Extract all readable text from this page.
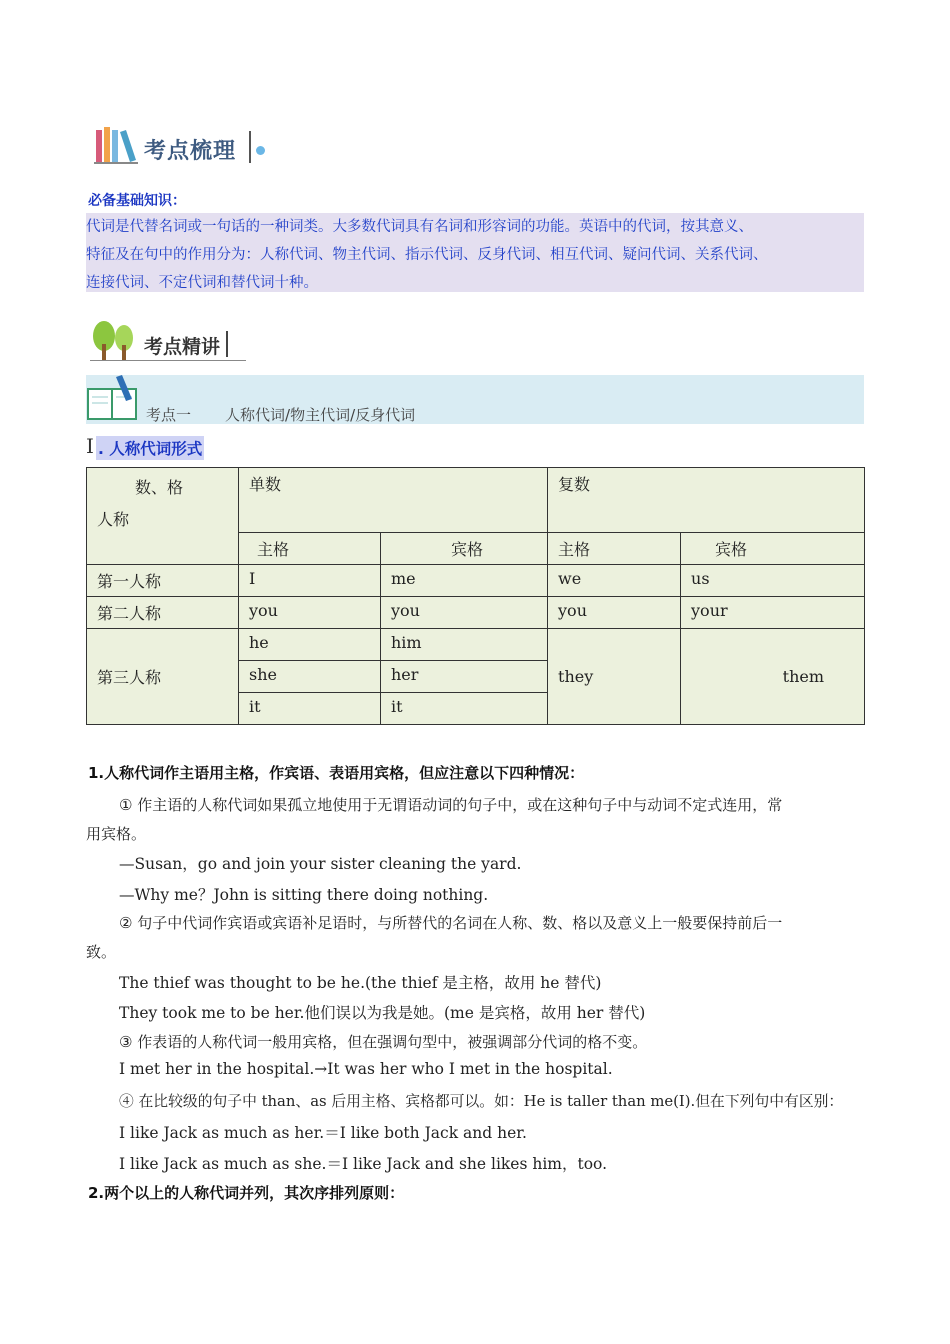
考点梳理
必备基础知识：
代词是代替名词或一句话的一种词类。大多数代词具有名词和形容词的功能。英语中的代词，按其意义、
特征及在句中的作用分为：人称代词、物主代词、指示代词、反身代词、相互代词、疑问代词、关系代词、
连接代词、不定代词和替代词十种。
考点精讲
考点一 人称代词/物主代词/反身代词
I . 人称代词形式
数、格
人称	单数		复数	
	主格	宾格	主格	宾格
第一人称	I	me	we	us
第二人称	you	you	you	your
第三人称	he	him	they	them
	she	her		
	it	it		
1.人称代词作主语用主格，作宾语、表语用宾格，但应注意以下四种情况：
① 作主语的人称代词如果孤立地使用于无谓语动词的句子中，或在这种句子中与动词不定式连用，常
用宾格。
—Susan，go and join your sister cleaning the yard.
—Why me？John is sitting there doing nothing.
② 句子中代词作宾语或宾语补足语时，与所替代的名词在人称、数、格以及意义上一般要保持前后一
致。
The thief was thought to be he.(the thief 是主格，故用 he 替代)
They took me to be her.他们误以为我是她。(me 是宾格，故用 her 替代)
③ 作表语的人称代词一般用宾格，但在强调句型中，被强调部分代词的格不变。
I met her in the hospital.→It was her who I met in the hospital.
④ 在比较级的句子中 than、as 后用主格、宾格都可以。如：He is taller than me(I).但在下列句中有区别：
I like Jack as much as her.＝I like both Jack and her.
I like Jack as much as she.＝I like Jack and she likes him，too.
2.两个以上的人称代词并列，其次序排列原则：
